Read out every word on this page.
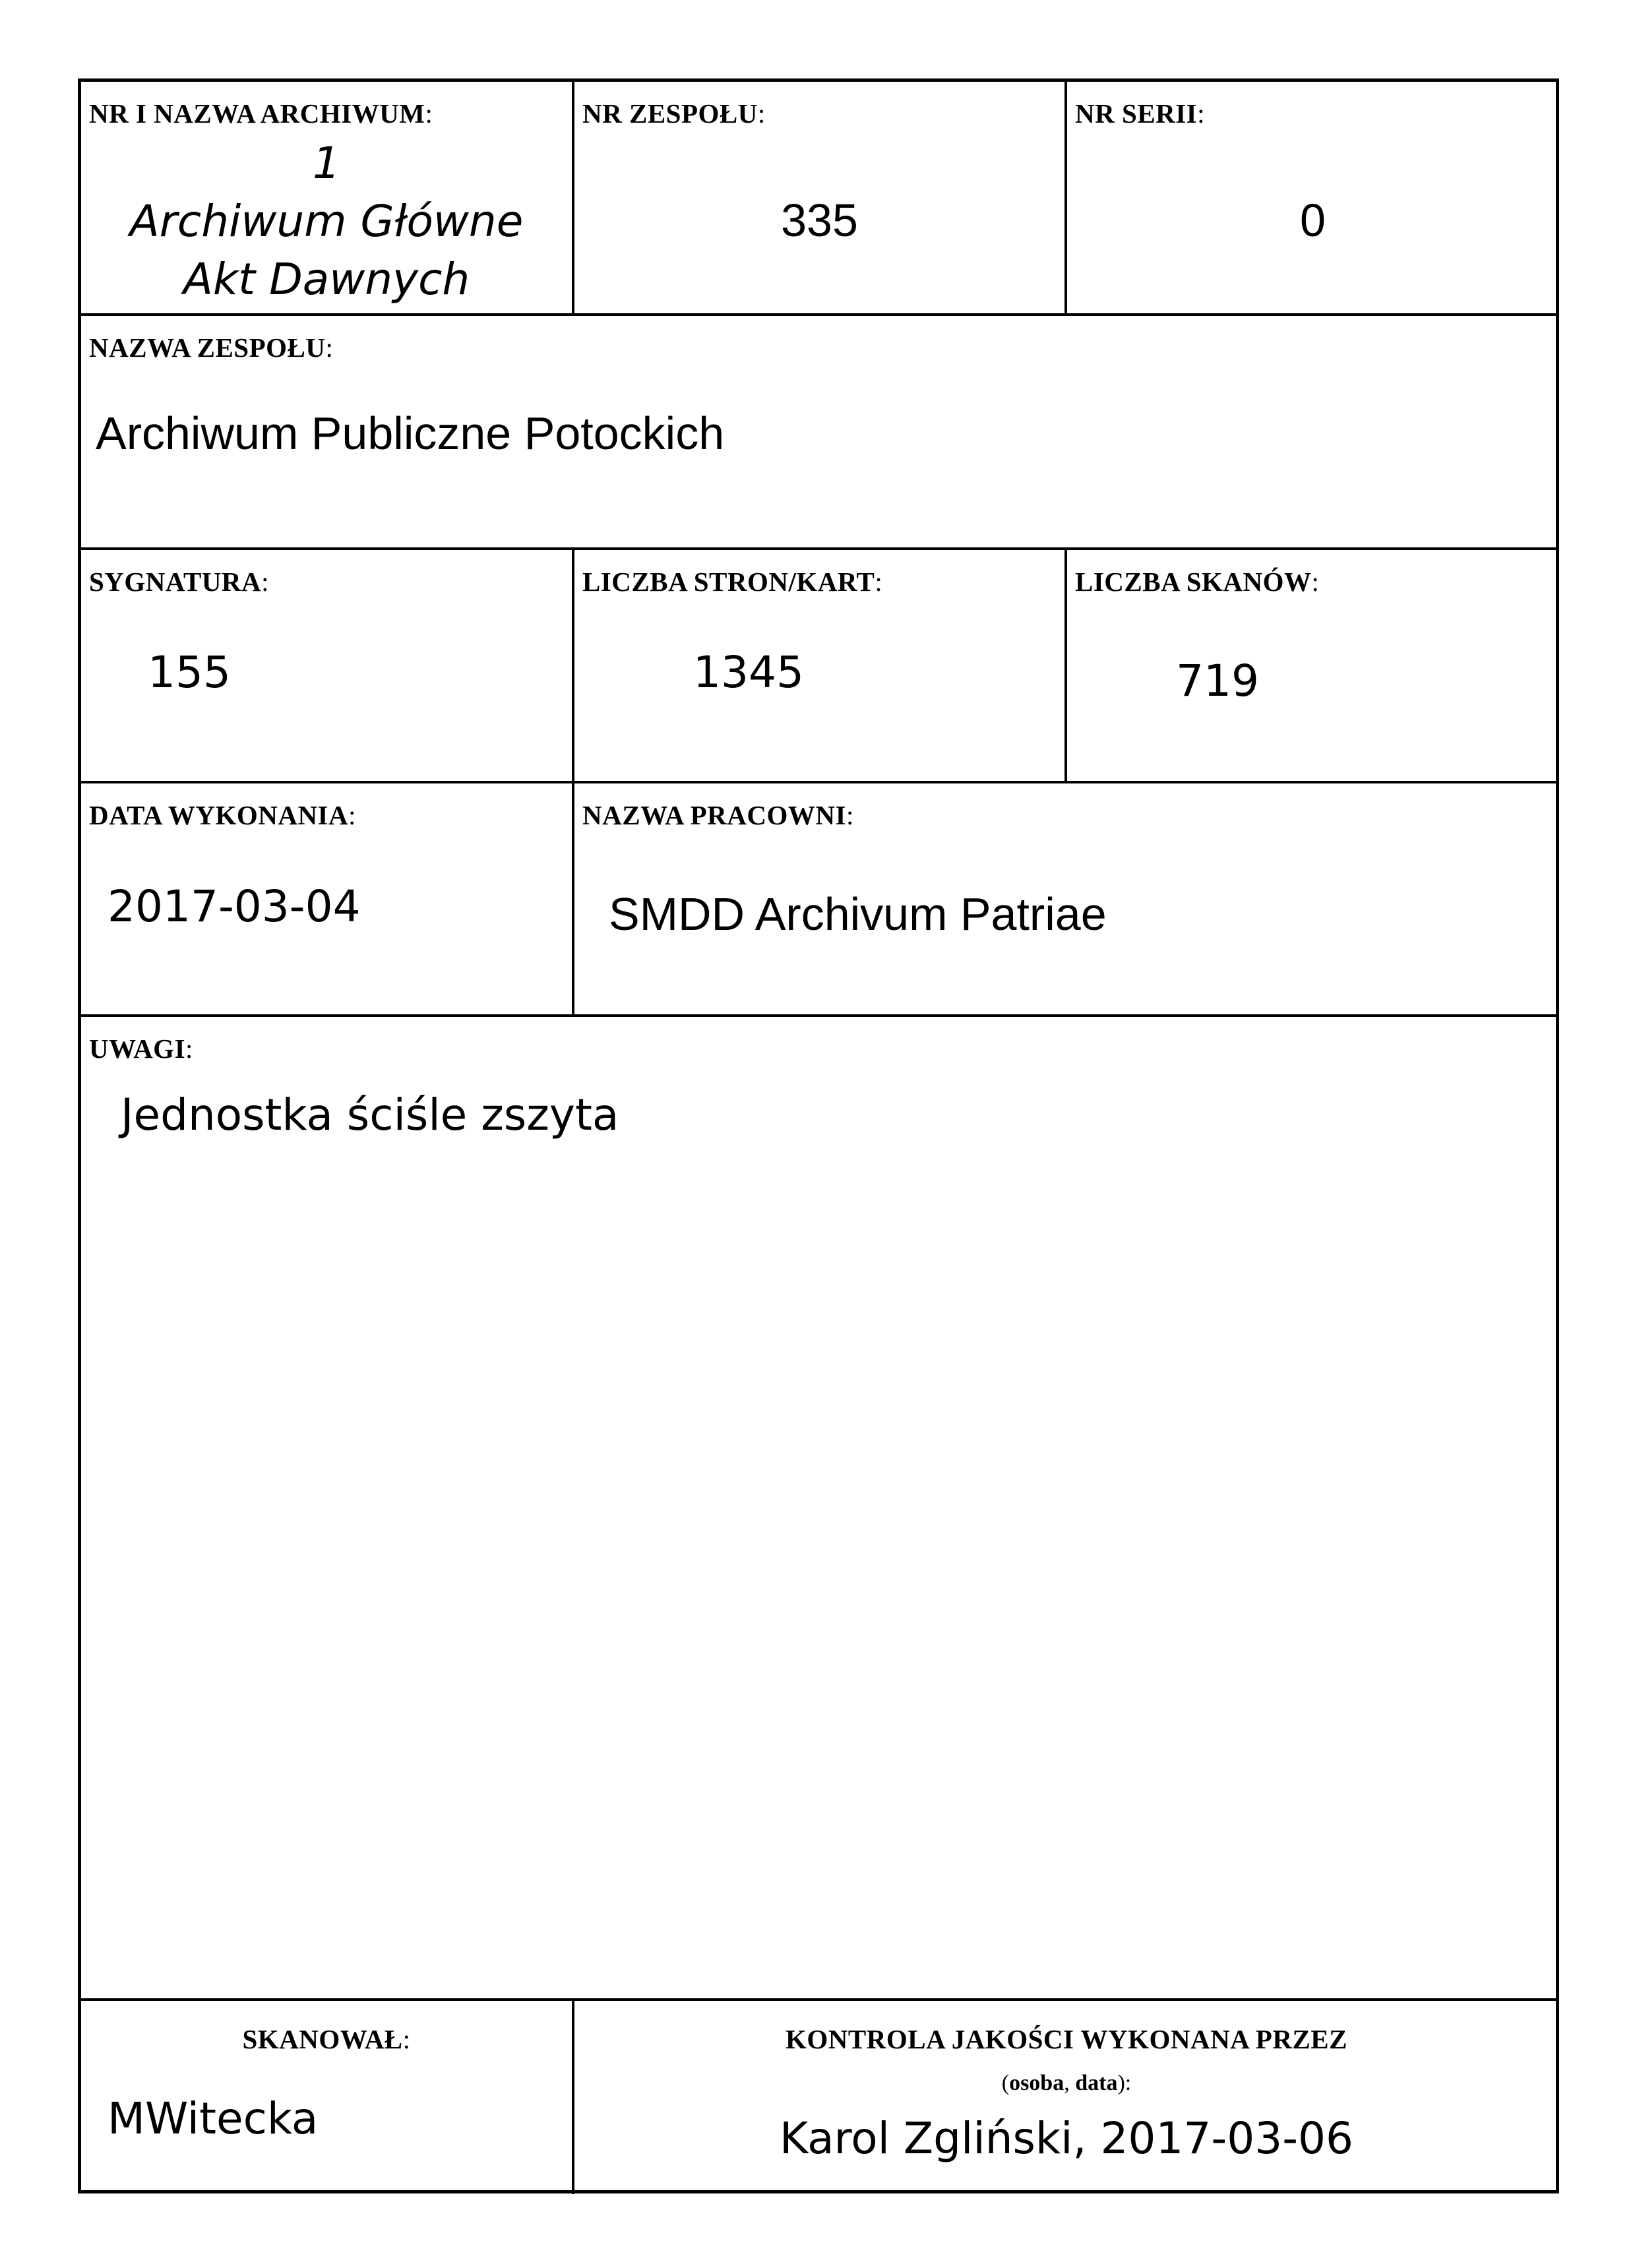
NR I NAZWA ARCHIWUM:
1
Archiwum Główne
Akt Dawnych
NR ZESPOŁU:
335
NR SERII:
0
NAZWA ZESPOŁU:
Archiwum Publiczne Potockich
SYGNATURA:
155
LICZBA STRON/KART:
1345
LICZBA SKANÓW:
719
DATA WYKONANIA:
2017-03-04
NAZWA PRACOWNI:
SMDD Archivum Patriae
UWAGI:
Jednostka ściśle zszyta
SKANOWAŁ:
MWitecka
KONTROLA JAKOŚCI WYKONANA PRZEZ
(osoba, data):
Karol Zgliński, 2017-03-06
